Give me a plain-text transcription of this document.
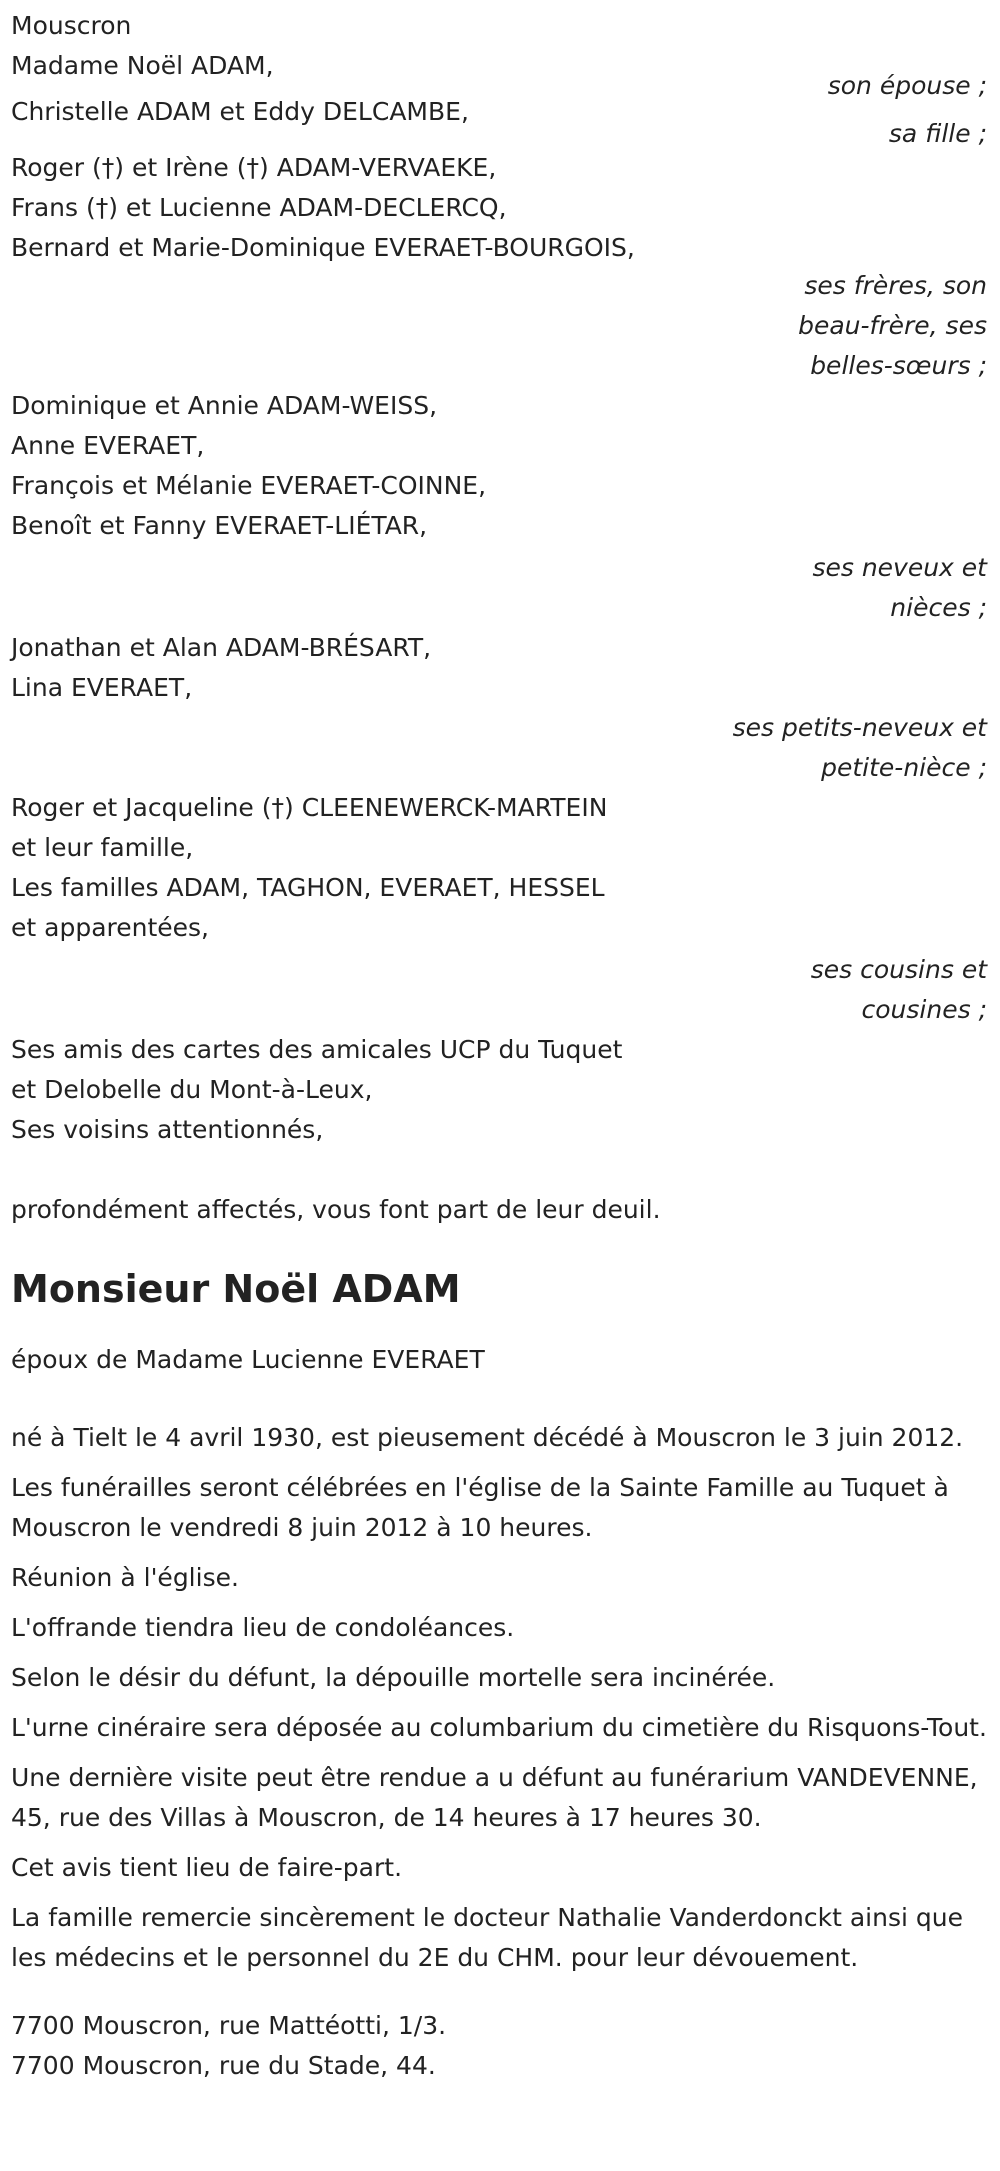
Mouscron
Madame Noël ADAM,
son épouse ;
Christelle ADAM et Eddy DELCAMBE,
sa fille ;
Roger (†) et Irène (†) ADAM-VERVAEKE,
Frans (†) et Lucienne ADAM-DECLERCQ,
Bernard et Marie-Dominique EVERAET-BOURGOIS,
ses frères, son
beau-frère, ses
belles-sœurs ;
Dominique et Annie ADAM-WEISS,
Anne EVERAET,
François et Mélanie EVERAET-COINNE,
Benoît et Fanny EVERAET-LIÉTAR,
ses neveux et
nièces ;
Jonathan et Alan ADAM-BRÉSART,
Lina EVERAET,
ses petits-neveux et
petite-nièce ;
Roger et Jacqueline (†) CLEENEWERCK-MARTEIN
et leur famille,
Les familles ADAM, TAGHON, EVERAET, HESSEL
et apparentées,
ses cousins et
cousines ;
Ses amis des cartes des amicales UCP du Tuquet
et Delobelle du Mont-à-Leux,
Ses voisins attentionnés,
profondément affectés, vous font part de leur deuil.
Monsieur Noël ADAM
époux de Madame Lucienne EVERAET

né à Tielt le 4 avril 1930, est pieusement décédé à Mouscron le 3 juin 2012.

Les funérailles seront célébrées en l'église de la Sainte Famille au Tuquet à Mouscron le vendredi 8 juin 2012 à 10 heures.

Réunion à l'église.

L'offrande tiendra lieu de condoléances.

Selon le désir du défunt, la dépouille mortelle sera incinérée.

L'urne cinéraire sera déposée au columbarium du cimetière du Risquons-Tout.

Une dernière visite peut être rendue a u défunt au funérarium VANDEVENNE, 45, rue des Villas à Mouscron, de 14 heures à 17 heures 30.

Cet avis tient lieu de faire-part.

La famille remercie sincèrement le docteur Nathalie Vanderdonckt ainsi que les médecins et le personnel du 2E du CHM. pour leur dévouement.

7700 Mouscron, rue Mattéotti, 1/3.
7700 Mouscron, rue du Stade, 44.
